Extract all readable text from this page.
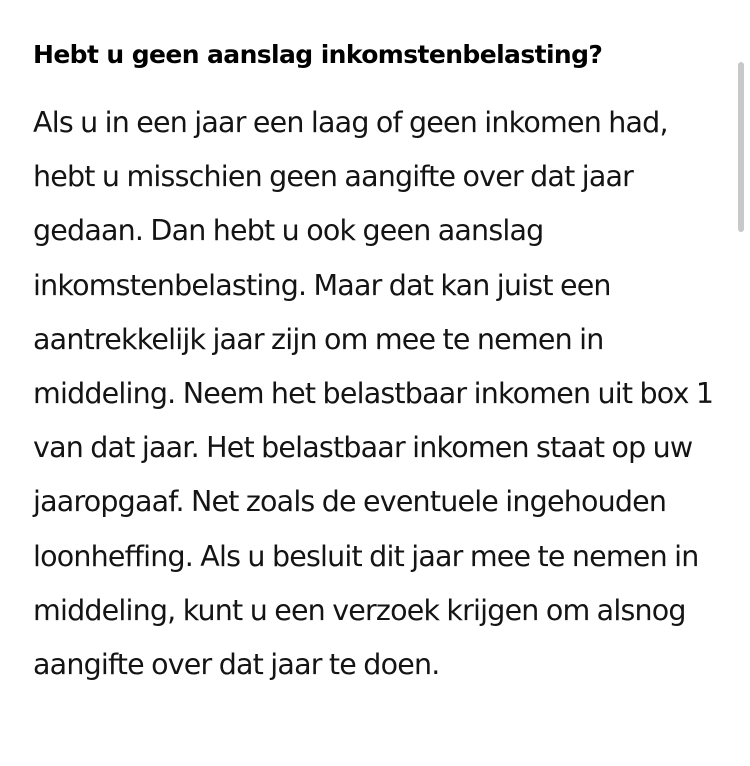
Hebt u geen aanslag inkomstenbelasting?

Als u in een jaar een laag of geen inkomen had, hebt u misschien geen aangifte over dat jaar gedaan. Dan hebt u ook geen aanslag inkomstenbelasting. Maar dat kan juist een aantrekkelijk jaar zijn om mee te nemen in middeling. Neem het belastbaar inkomen uit box 1 van dat jaar. Het belastbaar inkomen staat op uw jaaropgaaf. Net zoals de eventuele ingehouden loonheffing. Als u besluit dit jaar mee te nemen in middeling, kunt u een verzoek krijgen om alsnog aangifte over dat jaar te doen.
